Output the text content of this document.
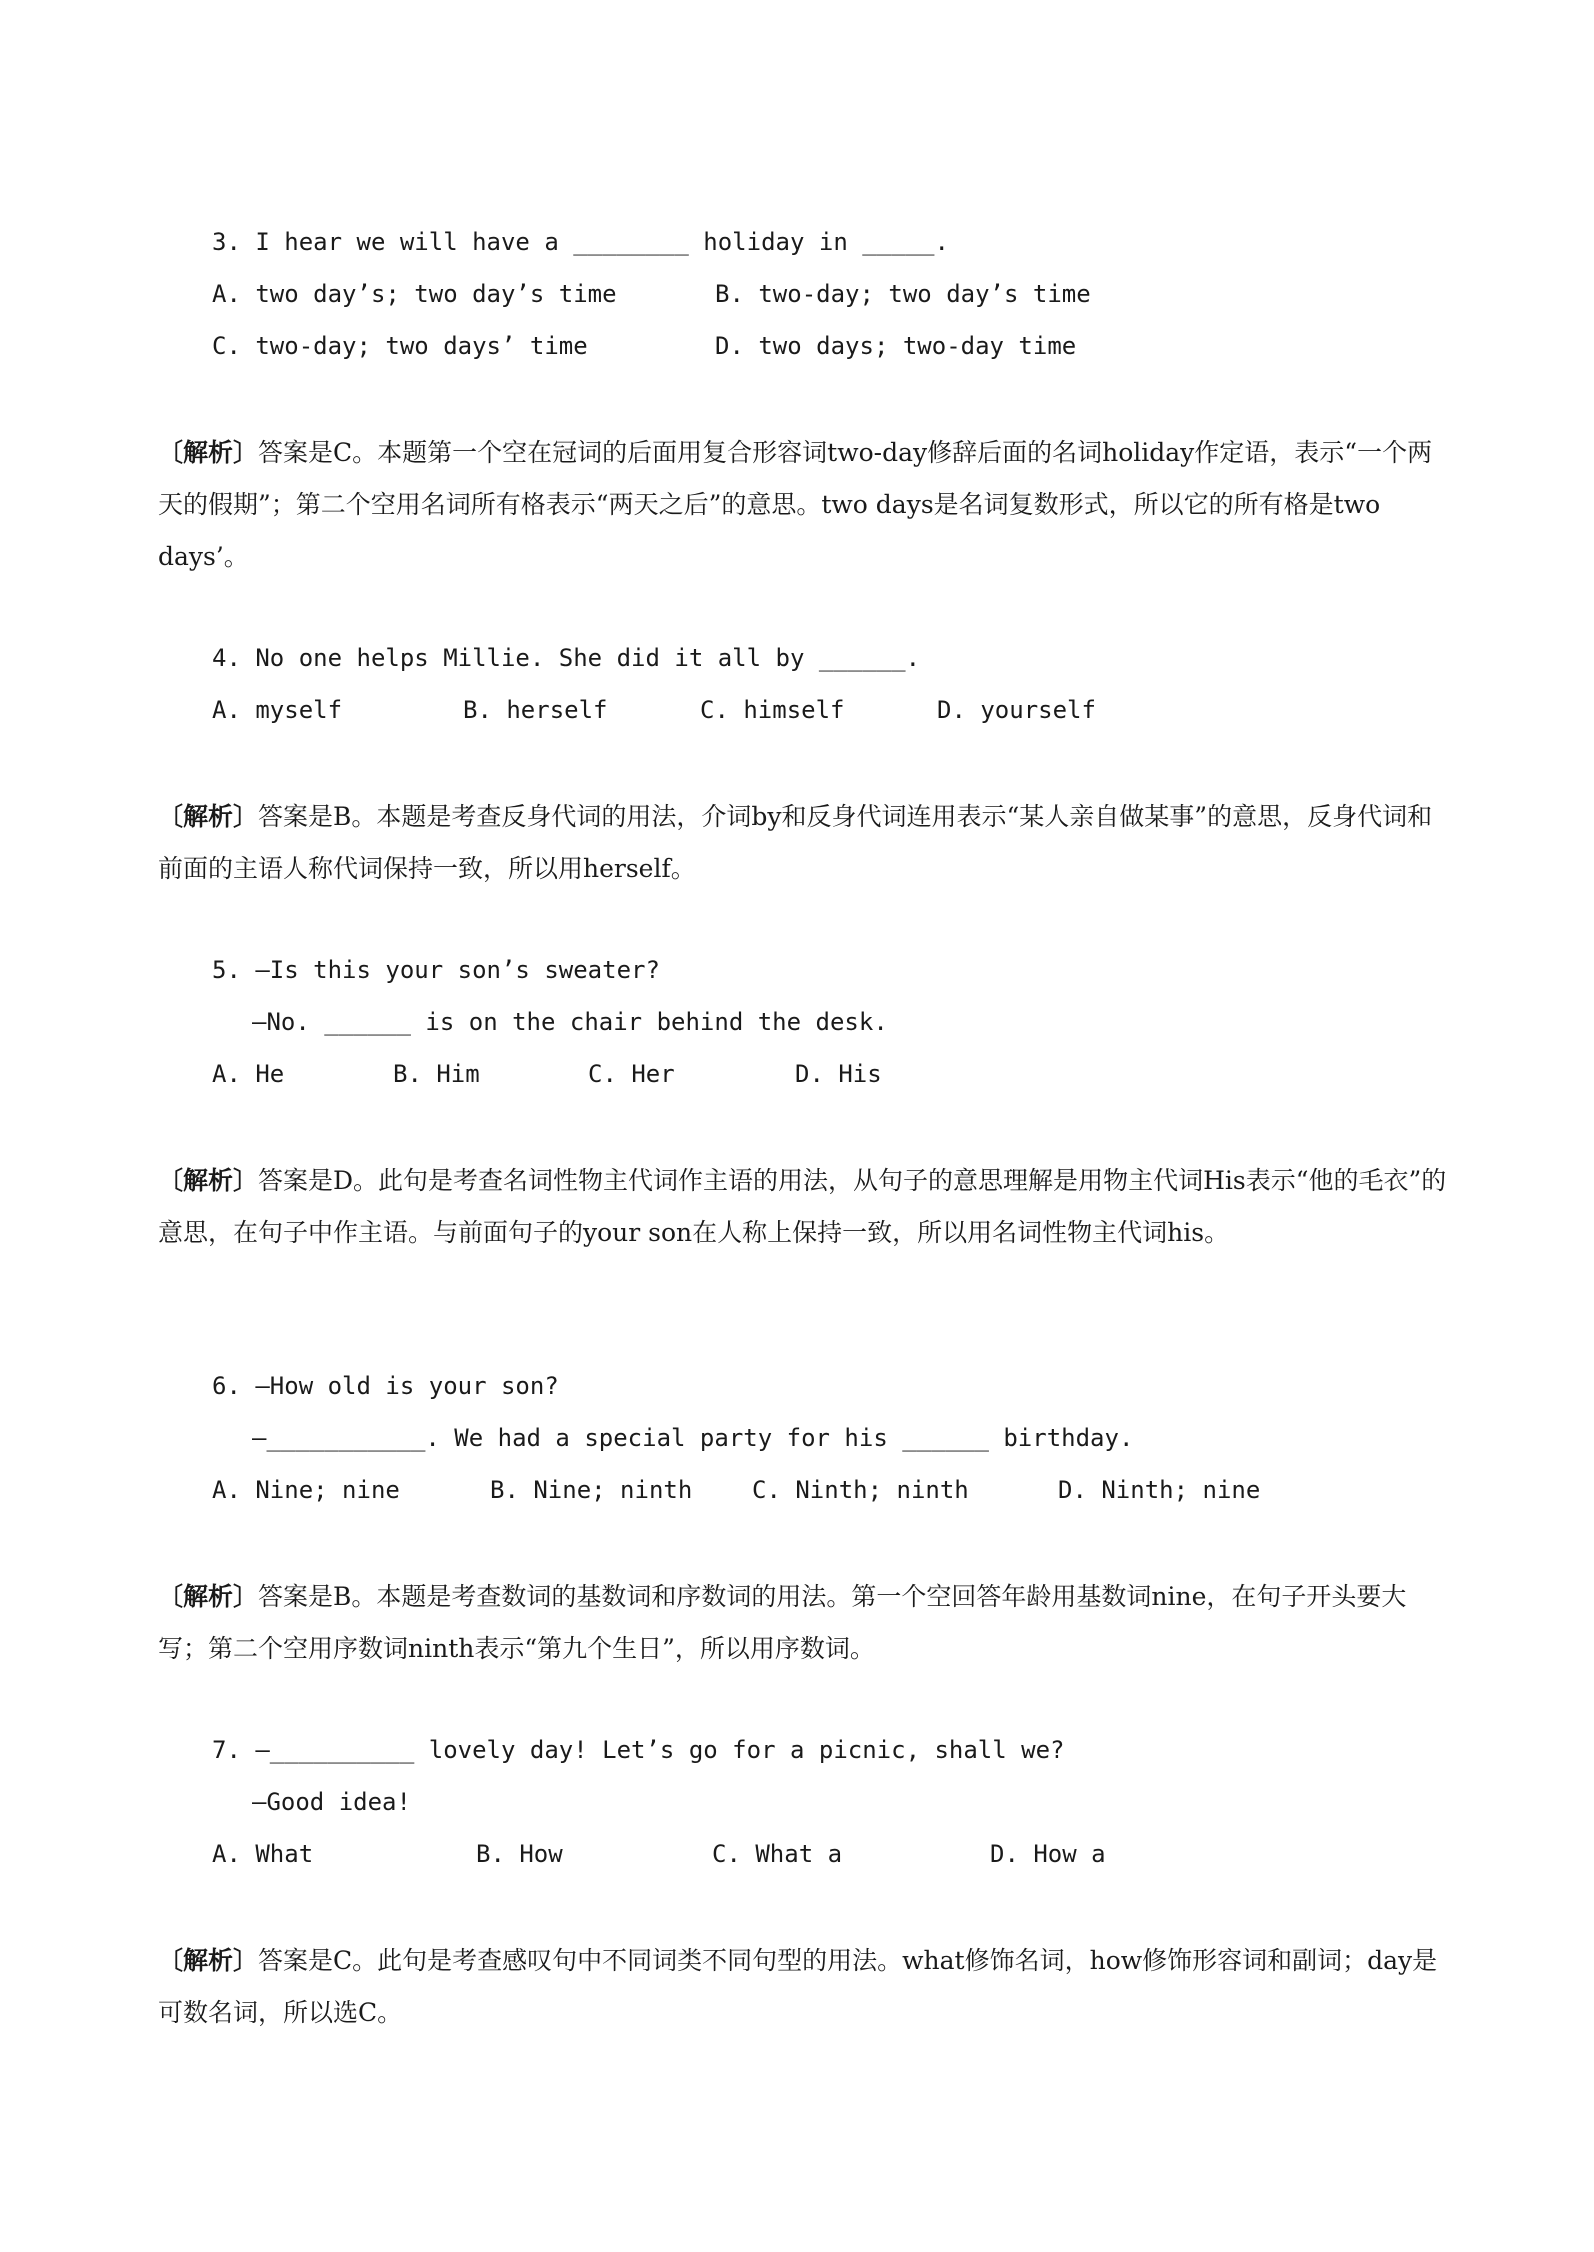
3. I hear we will have a ________ holiday in _____.
A. two day’s; two day’s time	B. two-day; two day’s time
C. two-day; two days’ time	D. two days; two-day time
〔解析〕答案是C。本题第一个空在冠词的后面用复合形容词two-day修辞后面的名词holiday作定语，表示“一个两天的假期”；第二个空用名词所有格表示“两天之后”的意思。two days是名词复数形式，所以它的所有格是two days’。
4. No one helps Millie. She did it all by ______.
A. myself	B. herself	C. himself	D. yourself
〔解析〕答案是B。本题是考查反身代词的用法，介词by和反身代词连用表示“某人亲自做某事”的意思，反身代词和前面的主语人称代词保持一致，所以用herself。
5. —Is this your son’s sweater?
—No. ______ is on the chair behind the desk.
A. He	B. Him	C. Her	D. His
〔解析〕答案是D。此句是考查名词性物主代词作主语的用法，从句子的意思理解是用物主代词His表示“他的毛衣”的意思，在句子中作主语。与前面句子的your son在人称上保持一致，所以用名词性物主代词his。
6. —How old is your son?
—___________. We had a special party for his ______ birthday.
A. Nine; nine	B. Nine; ninth C. Ninth; ninth	D. Ninth; nine
〔解析〕答案是B。本题是考查数词的基数词和序数词的用法。第一个空回答年龄用基数词nine，在句子开头要大写；第二个空用序数词ninth表示“第九个生日”，所以用序数词。
7. —__________ lovely day! Let’s go for a picnic, shall we?
—Good idea!
A. What	B. How	C. What a	D. How a
〔解析〕答案是C。此句是考查感叹句中不同词类不同句型的用法。what修饰名词，how修饰形容词和副词；day是可数名词，所以选C。
